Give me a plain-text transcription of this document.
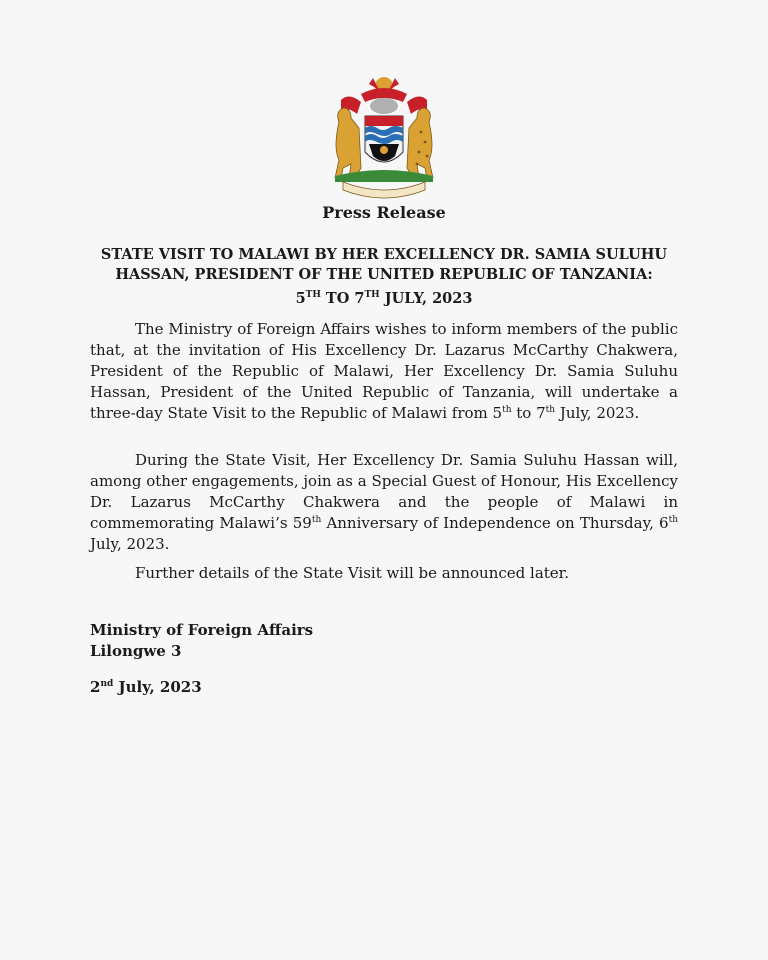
Press Release
STATE VISIT TO MALAWI BY HER EXCELLENCY DR. SAMIA SULUHU
HASSAN, PRESIDENT OF THE UNITED REPUBLIC OF TANZANIA:
5TH TO 7TH JULY, 2023
The Ministry of Foreign Affairs wishes to inform members of the public that, at the invitation of His Excellency Dr. Lazarus McCarthy Chakwera, President of the Republic of Malawi, Her Excellency Dr. Samia Suluhu Hassan, President of the United Republic of Tanzania, will undertake a three-day State Visit to the Republic of Malawi from 5th to 7th July, 2023.
During the State Visit, Her Excellency Dr. Samia Suluhu Hassan will, among other engagements, join as a Special Guest of Honour, His Excellency Dr. Lazarus McCarthy Chakwera and the people of Malawi in commemorating Malawi’s 59th Anniversary of Independence on Thursday, 6th July, 2023.
Further details of the State Visit will be announced later.
Ministry of Foreign Affairs
Lilongwe 3
2nd July, 2023
